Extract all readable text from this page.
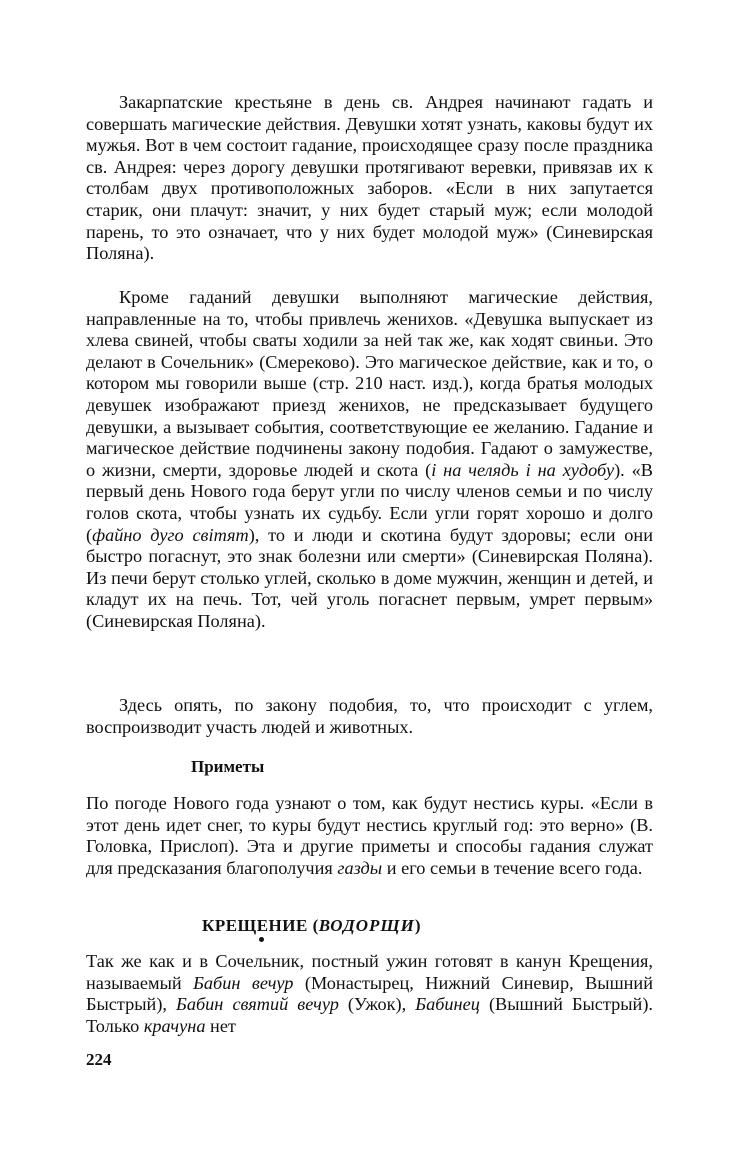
Закарпатские крестьяне в день св. Андрея начинают гадать и совершать магические действия. Девушки хотят узнать, каковы будут их мужья. Вот в чем состоит гадание, происходящее сразу после праздника св. Андрея: через дорогу девушки протягивают веревки, привязав их к столбам двух противоположных заборов. «Если в них запутается старик, они плачут: значит, у них будет старый муж; если молодой парень, то это означает, что у них будет молодой муж» (Синевирская Поляна).

Кроме гаданий девушки выполняют магические действия, направленные на то, чтобы привлечь женихов. «Девушка выпускает из хлева свиней, чтобы сваты ходили за ней так же, как ходят свиньи. Это делают в Сочельник» (Смереково). Это магическое действие, как и то, о котором мы говорили выше (стр. 210 наст. изд.), когда братья молодых девушек изображают приезд женихов, не предсказывает будущего девушки, а вызывает события, соответствующие ее желанию. Гадание и магическое действие подчинены закону подобия. Гадают о замужестве, о жизни, смерти, здоровье людей и скота (і на челядь і на худобу). «В первый день Нового года берут угли по числу членов семьи и по числу голов скота, чтобы узнать их судьбу. Если угли горят хорошо и долго (файно дуго світят), то и люди и скотина будут здоровы; если они быстро погаснут, это знак болезни или смерти» (Синевирская Поляна). Из печи берут столько углей, сколько в доме мужчин, женщин и детей, и кладут их на печь. Тот, чей уголь погаснет первым, умрет первым» (Синевирская Поляна).

Здесь опять, по закону подобия, то, что происходит с углем, воспроизводит участь людей и животных.

Приметы

По погоде Нового года узнают о том, как будут нестись куры. «Если в этот день идет снег, то куры будут нестись круглый год: это верно» (В. Головка, Прислоп). Эта и другие приметы и способы гадания служат для предсказания благополучия газды и его семьи в течение всего года.

КРЕЩЕНИЕ (ВОДОРЩИ)

Так же как и в Сочельник, постный ужин готовят в канун Крещения, называемый Бабин вечур (Монастырец, Нижний Синевир, Вышний Быстрый), Бабин святий вечур (Ужок), Бабинец (Вышний Быстрый). Только крачуна нет

224
